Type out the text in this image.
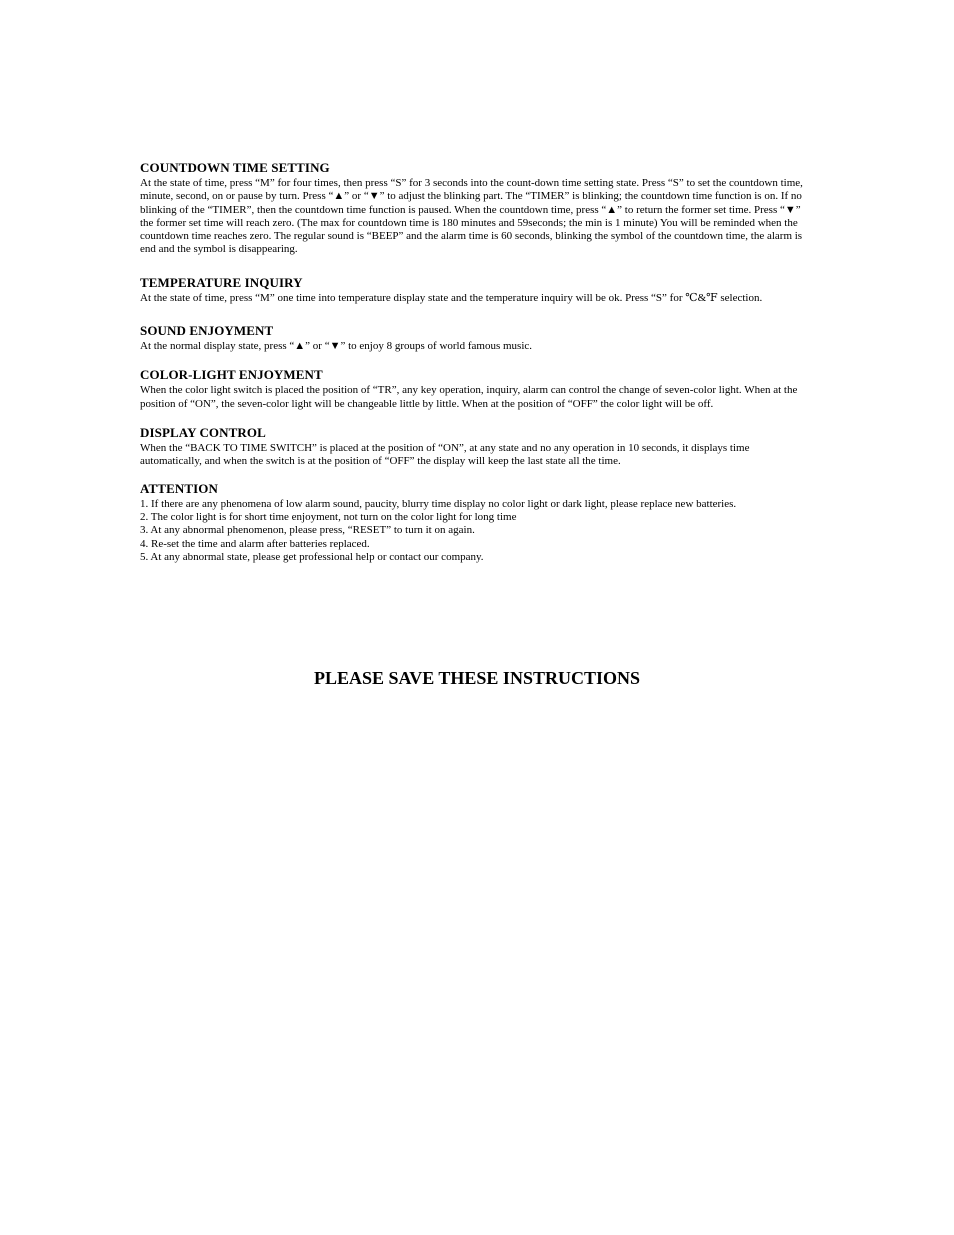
COUNTDOWN TIME SETTING

At the state of time, press “M” for four times, then press “S” for 3 seconds into the count-down time setting state. Press “S” to set the countdown time, minute, second, on or pause by turn. Press “▲” or “▼” to adjust the blinking part. The “TIMER” is blinking; the countdown time function is on. If no blinking of the “TIMER”, then the countdown time function is paused. When the countdown time, press “▲” to return the former set time. Press “▼” the former set time will reach zero. (The max for countdown time is 180 minutes and 59seconds; the min is 1 minute) You will be reminded when the countdown time reaches zero. The regular sound is “BEEP” and the alarm time is 60 seconds, blinking the symbol of the countdown time, the alarm is end and the symbol is disappearing.

TEMPERATURE INQUIRY

At the state of time, press “M” one time into temperature display state and the temperature inquiry will be ok. Press “S” for ℃&℉ selection.

SOUND ENJOYMENT

At the normal display state, press “▲” or “▼” to enjoy 8 groups of world famous music.

COLOR-LIGHT ENJOYMENT

When the color light switch is placed the position of “TR”, any key operation, inquiry, alarm can control the change of seven-color light. When at the position of “ON”, the seven-color light will be changeable little by little. When at the position of “OFF” the color light will be off.

DISPLAY CONTROL

When the “BACK TO TIME SWITCH” is placed at the position of “ON”, at any state and no any operation in 10 seconds, it displays time automatically, and when the switch is at the position of “OFF” the display will keep the last state all the time.

ATTENTION
1. If there are any phenomena of low alarm sound, paucity, blurry time display no color light or dark light, please replace new batteries.
2. The color light is for short time enjoyment, not turn on the color light for long time
3. At any abnormal phenomenon, please press, “RESET” to turn it on again.
4. Re-set the time and alarm after batteries replaced.
5. At any abnormal state, please get professional help or contact our company.

PLEASE SAVE THESE INSTRUCTIONS
